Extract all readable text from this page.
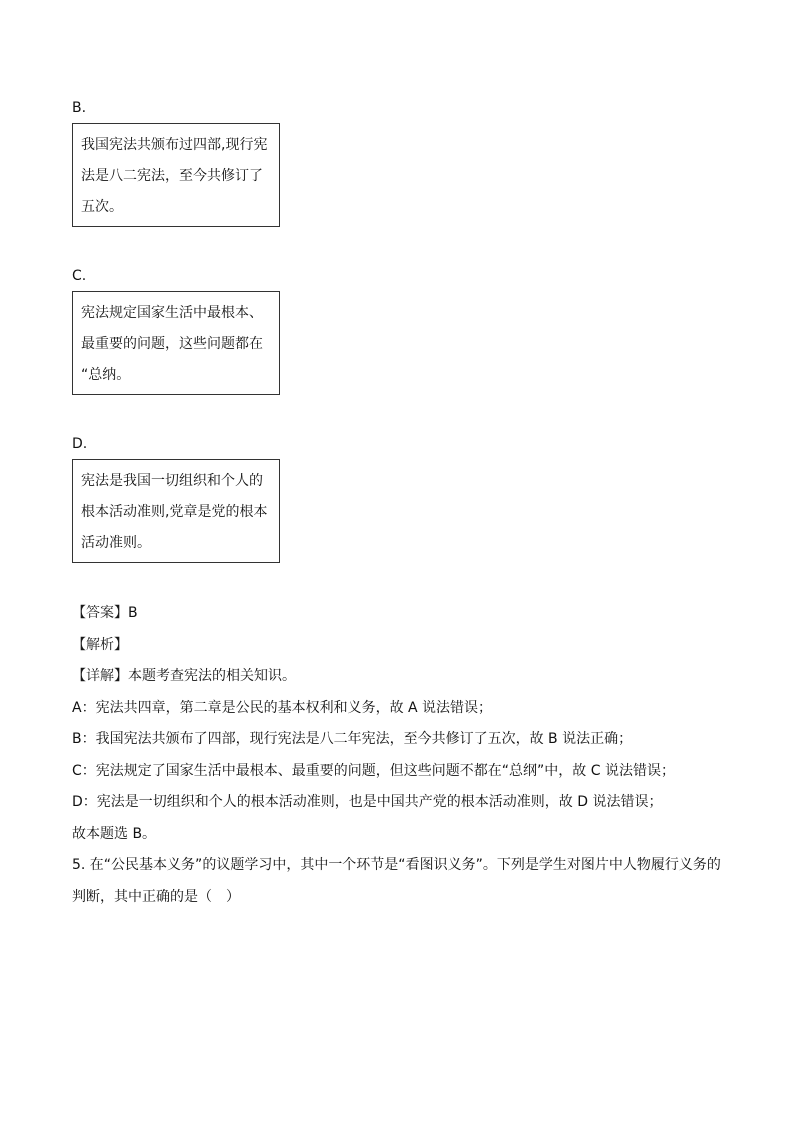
B.
我国宪法共颁布过四部,现行宪
法是八二宪法，至今共修订了
五次。
C.
宪法规定国家生活中最根本、
最重要的问题，这些问题都在
“总纳。
D.
宪法是我国一切组织和个人的
根本活动准则,党章是党的根本
活动准则。
【答案】B
【解析】
【详解】本题考查宪法的相关知识。
A：宪法共四章，第二章是公民的基本权利和义务，故 A 说法错误；
B：我国宪法共颁布了四部，现行宪法是八二年宪法，至今共修订了五次，故 B 说法正确；
C：宪法规定了国家生活中最根本、最重要的问题，但这些问题不都在“总纲”中，故 C 说法错误；
D：宪法是一切组织和个人的根本活动准则，也是中国共产党的根本活动准则，故 D 说法错误；
故本题选 B。
5. 在“公民基本义务”的议题学习中，其中一个环节是“看图识义务”。下列是学生对图片中人物履行义务的
判断，其中正确的是（　）
